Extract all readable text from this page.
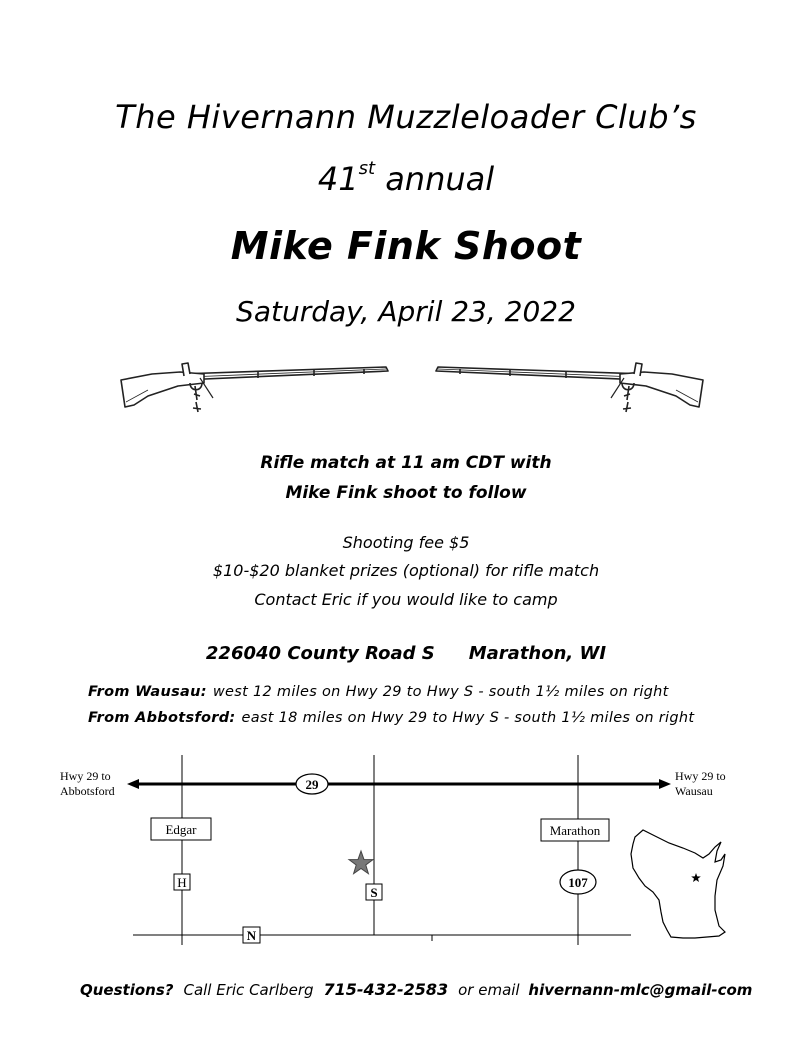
The Hivernann Muzzleloader Club’s
41st annual
Mike Fink Shoot
Saturday, April 23, 2022
Rifle match at 11 am CDT with
Mike Fink shoot to follow
Shooting fee $5
$10-$20 blanket prizes (optional) for rifle match
Contact Eric if you would like to camp
226040 County Road S Marathon, WI
From Wausau: west 12 miles on Hwy 29 to Hwy S - south 1½ miles on right
From Abbotsford: east 18 miles on Hwy 29 to Hwy S - south 1½ miles on right
Hwy 29 to
Abbotsford
Hwy 29 to
Wausau
29
Edgar	Marathon
H
S
N
107
Questions? Call Eric Carlberg 715-432-2583 or email hivernann-mlc@gmail-com
